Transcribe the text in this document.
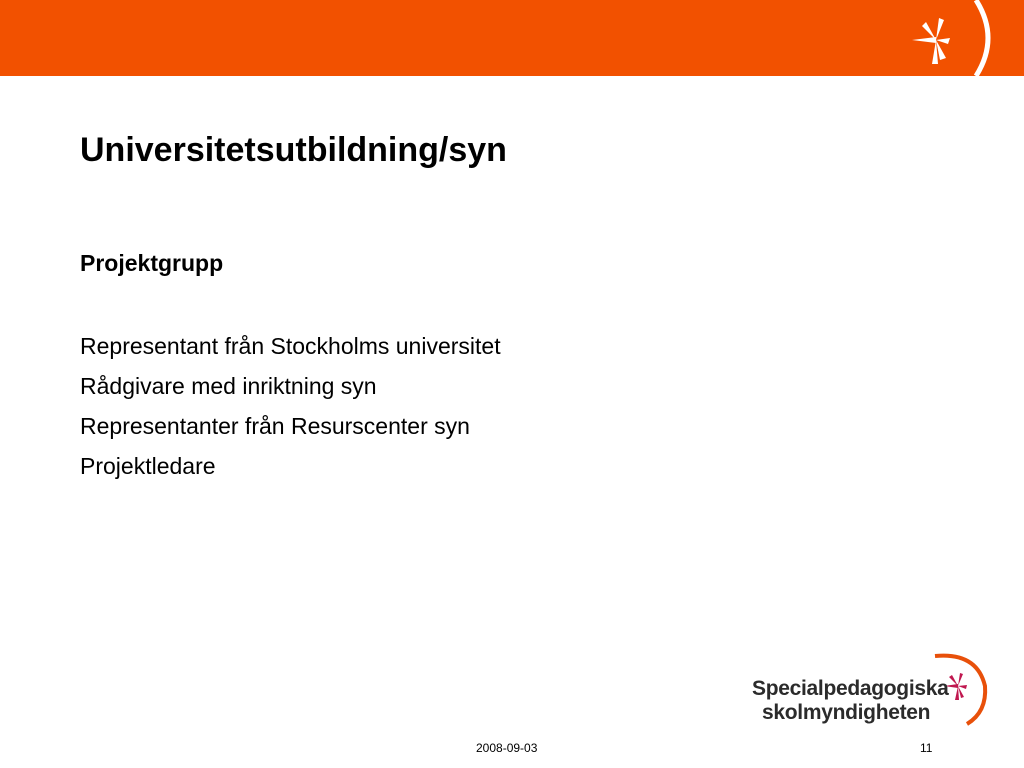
Universitetsutbildning/syn
Projektgrupp
Representant från Stockholms universitet
Rådgivare med inriktning syn
Representanter från Resurscenter syn
Projektledare
Specialpedagogiska
skolmyndigheten
2008-09-03	11
